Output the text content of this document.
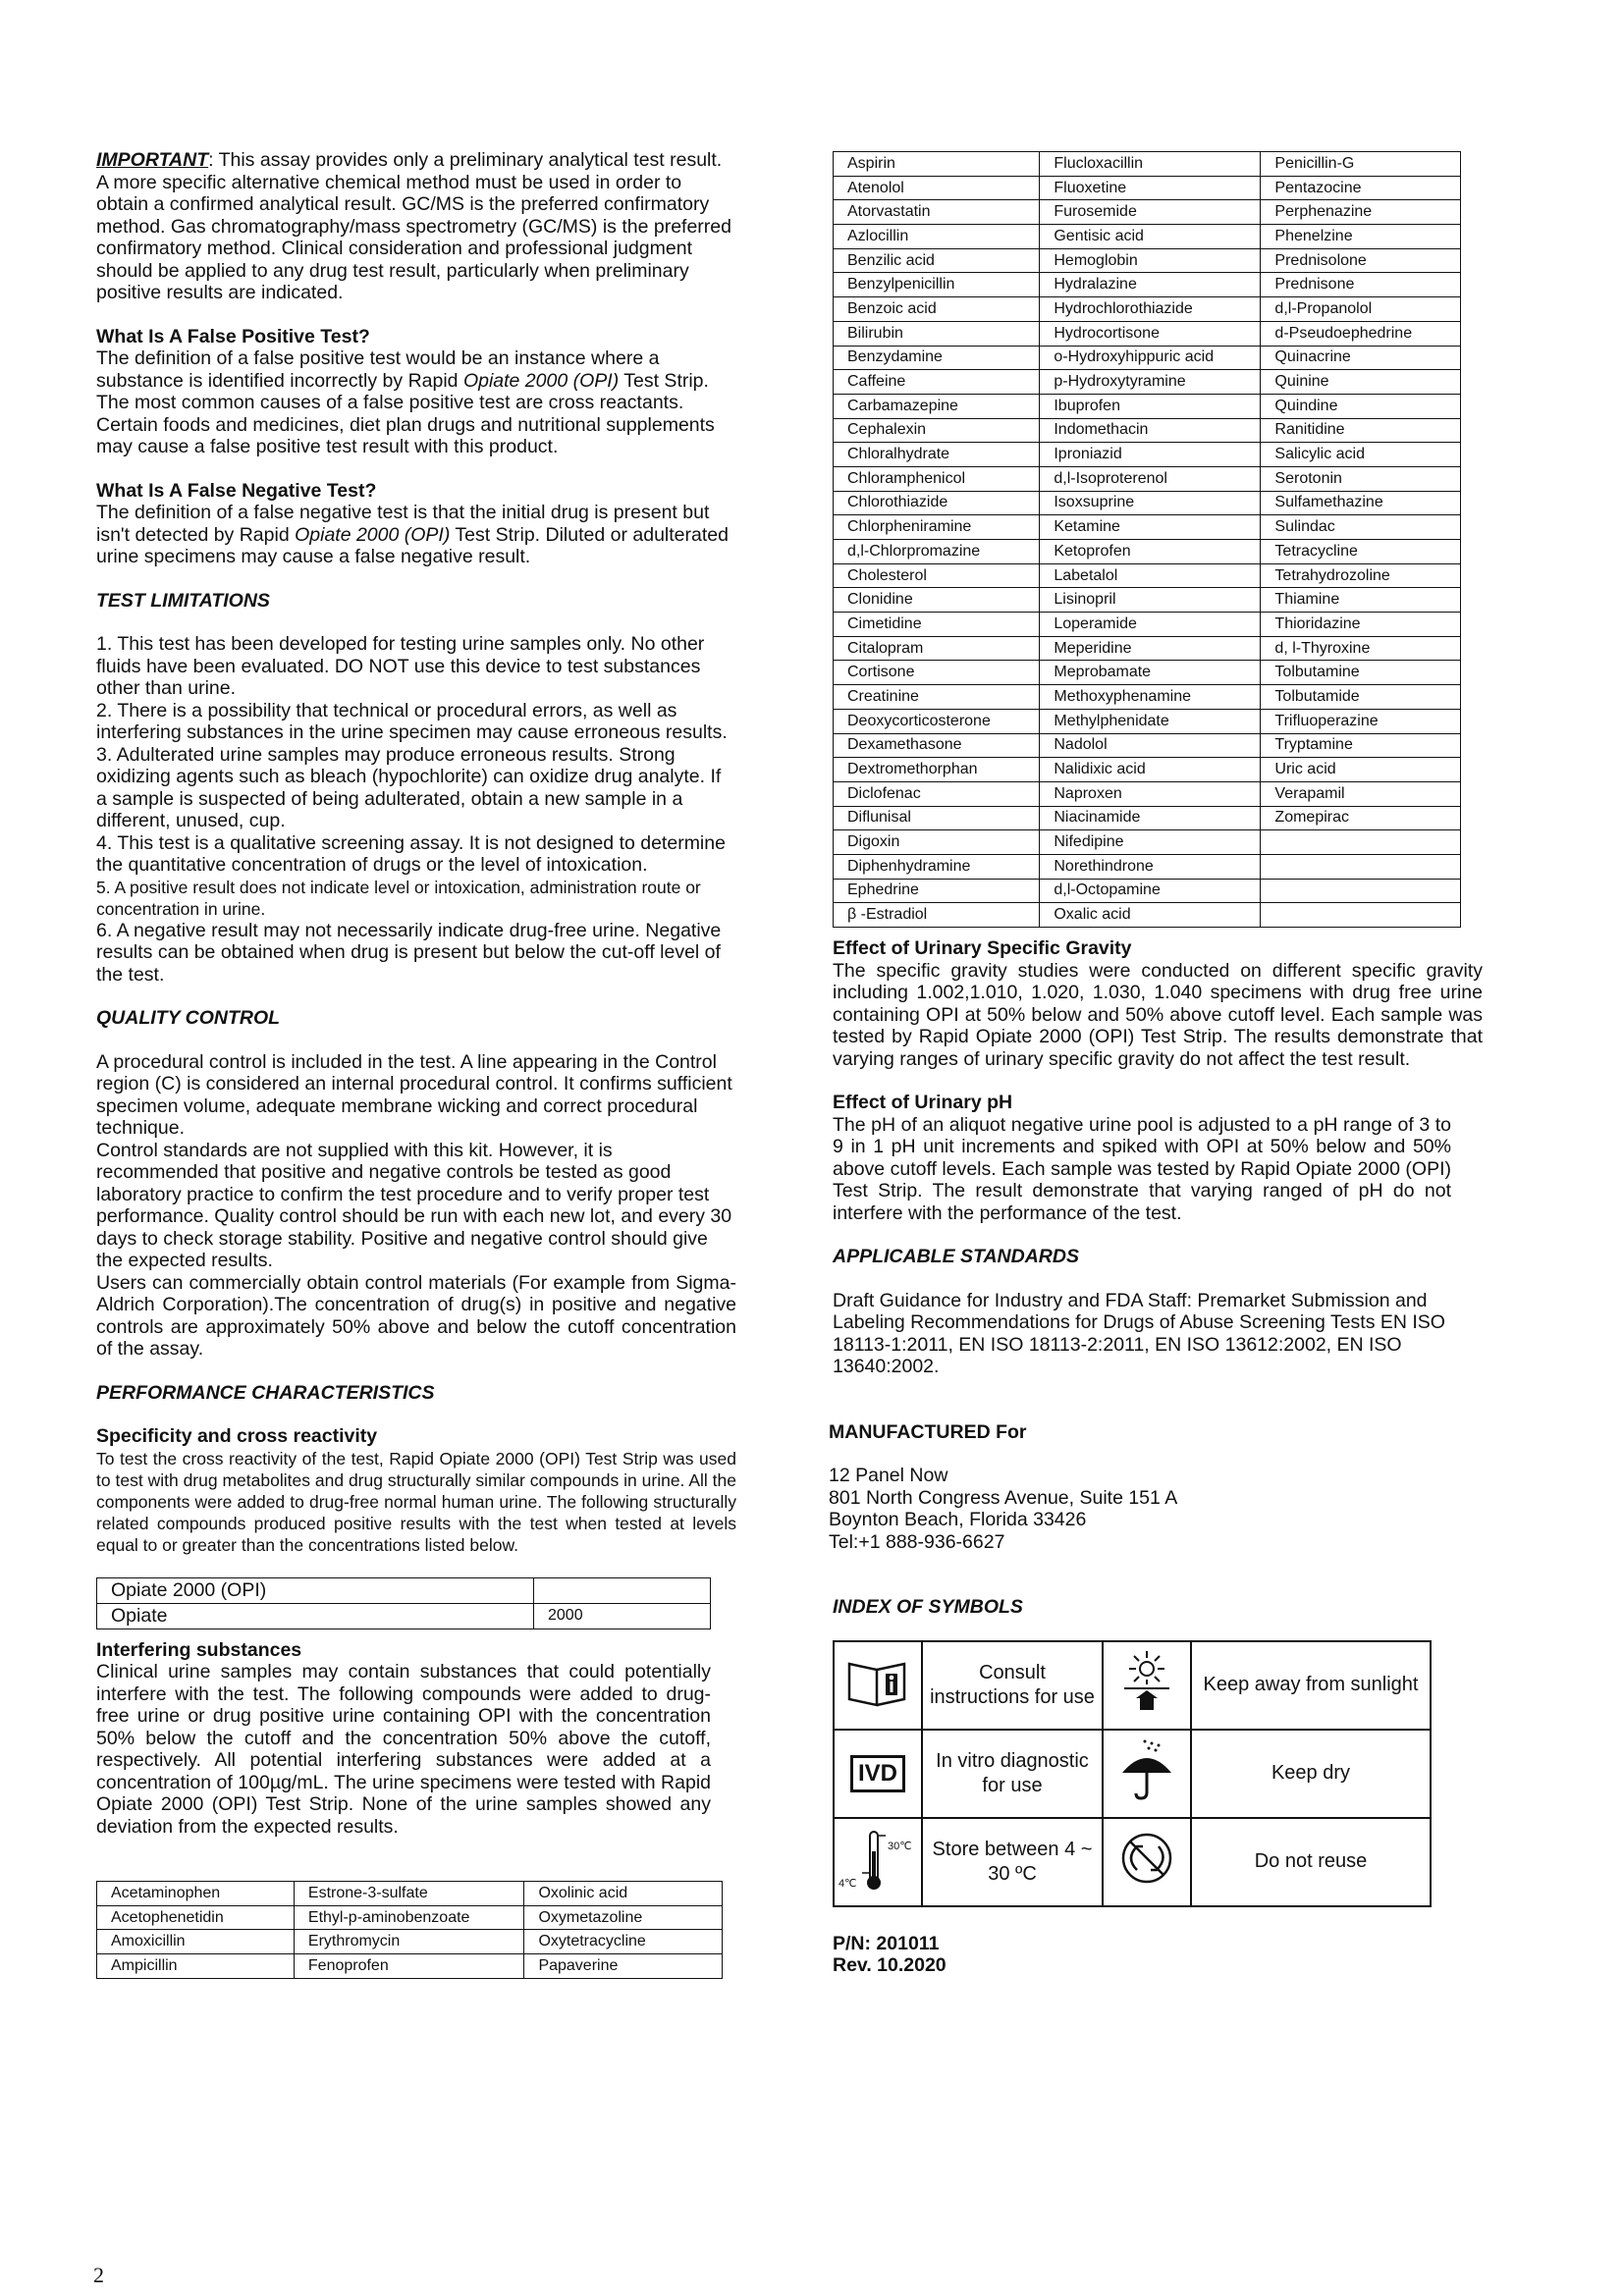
IMPORTANT: This assay provides only a preliminary analytical test result. A more specific alternative chemical method must be used in order to obtain a confirmed analytical result. GC/MS is the preferred confirmatory method. Gas chromatography/mass spectrometry (GC/MS) is the preferred confirmatory method. Clinical consideration and professional judgment should be applied to any drug test result, particularly when preliminary positive results are indicated.

What Is A False Positive Test?

The definition of a false positive test would be an instance where a substance is identified incorrectly by Rapid Opiate 2000 (OPI) Test Strip. The most common causes of a false positive test are cross reactants. Certain foods and medicines, diet plan drugs and nutritional supplements may cause a false positive test result with this product.

What Is A False Negative Test?

The definition of a false negative test is that the initial drug is present but isn't detected by Rapid Opiate 2000 (OPI) Test Strip. Diluted or adulterated urine specimens may cause a false negative result.

TEST LIMITATIONS

1. This test has been developed for testing urine samples only. No other fluids have been evaluated. DO NOT use this device to test substances other than urine.

2. There is a possibility that technical or procedural errors, as well as interfering substances in the urine specimen may cause erroneous results.

3. Adulterated urine samples may produce erroneous results. Strong oxidizing agents such as bleach (hypochlorite) can oxidize drug analyte. If a sample is suspected of being adulterated, obtain a new sample in a different, unused, cup.

4. This test is a qualitative screening assay. It is not designed to determine the quantitative concentration of drugs or the level of intoxication.

5. A positive result does not indicate level or intoxication, administration route or concentration in urine.

6. A negative result may not necessarily indicate drug-free urine. Negative results can be obtained when drug is present but below the cut-off level of the test.

QUALITY CONTROL

A procedural control is included in the test. A line appearing in the Control region (C) is considered an internal procedural control. It confirms sufficient specimen volume, adequate membrane wicking and correct procedural technique.

Control standards are not supplied with this kit. However, it is recommended that positive and negative controls be tested as good laboratory practice to confirm the test procedure and to verify proper test performance. Quality control should be run with each new lot, and every 30 days to check storage stability. Positive and negative control should give the expected results.

Users can commercially obtain control materials (For example from Sigma-Aldrich Corporation).The concentration of drug(s) in positive and negative controls are approximately 50% above and below the cutoff concentration of the assay.

PERFORMANCE CHARACTERISTICS

Specificity and cross reactivity

To test the cross reactivity of the test, Rapid Opiate 2000 (OPI) Test Strip was used to test with drug metabolites and drug structurally similar compounds in urine. All the components were added to drug-free normal human urine. The following structurally related compounds produced positive results with the test when tested at levels equal to or greater than the concentrations listed below.

Opiate 2000 (OPI)	
Opiate	2000

Interfering substances

Clinical urine samples may contain substances that could potentially interfere with the test. The following compounds were added to drug-free urine or drug positive urine containing OPI with the concentration 50% below the cutoff and the concentration 50% above the cutoff, respectively. All potential interfering substances were added at a concentration of 100µg/mL. The urine specimens were tested with Rapid Opiate 2000 (OPI) Test Strip. None of the urine samples showed any deviation from the expected results.

Acetaminophen	Estrone-3-sulfate	Oxolinic acid
Acetophenetidin	Ethyl-p-aminobenzoate	Oxymetazoline
Amoxicillin	Erythromycin	Oxytetracycline
Ampicillin	Fenoprofen	Papaverine
Aspirin	Flucloxacillin	Penicillin-G
Atenolol	Fluoxetine	Pentazocine
Atorvastatin	Furosemide	Perphenazine
Azlocillin	Gentisic acid	Phenelzine
Benzilic acid	Hemoglobin	Prednisolone
Benzylpenicillin	Hydralazine	Prednisone
Benzoic acid	Hydrochlorothiazide	d,l-Propanolol
Bilirubin	Hydrocortisone	d-Pseudoephedrine
Benzydamine	o-Hydroxyhippuric acid	Quinacrine
Caffeine	p-Hydroxytyramine	Quinine
Carbamazepine	Ibuprofen	Quindine
Cephalexin	Indomethacin	Ranitidine
Chloralhydrate	Iproniazid	Salicylic acid
Chloramphenicol	d,l-Isoproterenol	Serotonin
Chlorothiazide	Isoxsuprine	Sulfamethazine
Chlorpheniramine	Ketamine	Sulindac
d,l-Chlorpromazine	Ketoprofen	Tetracycline
Cholesterol	Labetalol	Tetrahydrozoline
Clonidine	Lisinopril	Thiamine
Cimetidine	Loperamide	Thioridazine
Citalopram	Meperidine	d, l-Thyroxine
Cortisone	Meprobamate	Tolbutamine
Creatinine	Methoxyphenamine	Tolbutamide
Deoxycorticosterone	Methylphenidate	Trifluoperazine
Dexamethasone	Nadolol	Tryptamine
Dextromethorphan	Nalidixic acid	Uric acid
Diclofenac	Naproxen	Verapamil
Diflunisal	Niacinamide	Zomepirac
Digoxin	Nifedipine	
Diphenhydramine	Norethindrone	
Ephedrine	d,l-Octopamine	
β -Estradiol	Oxalic acid	

Effect of Urinary Specific Gravity

The specific gravity studies were conducted on different specific gravity including 1.002,1.010, 1.020, 1.030, 1.040 specimens with drug free urine containing OPI at 50% below and 50% above cutoff level. Each sample was tested by Rapid Opiate 2000 (OPI) Test Strip. The results demonstrate that varying ranges of urinary specific gravity do not affect the test result.

Effect of Urinary pH

The pH of an aliquot negative urine pool is adjusted to a pH range of 3 to 9 in 1 pH unit increments and spiked with OPI at 50% below and 50% above cutoff levels. Each sample was tested by Rapid Opiate 2000 (OPI) Test Strip. The result demonstrate that varying ranged of pH do not interfere with the performance of the test.

APPLICABLE STANDARDS

Draft Guidance for Industry and FDA Staff: Premarket Submission and Labeling Recommendations for Drugs of Abuse Screening Tests EN ISO 18113-1:2011, EN ISO 18113-2:2011, EN ISO 13612:2002, EN ISO 13640:2002.

MANUFACTURED For

12 Panel Now

801 North Congress Avenue, Suite 151 A

Boynton Beach, Florida 33426

Tel:+1 888-936-6627

INDEX OF SYMBOLS

	Consult instructions for use		Keep away from sunlight
IVD	In vitro diagnostic for use		Keep dry

30℃
4℃	Store between 4 ~ 30 ºC		Do not reuse

P/N: 201011

Rev. 10.2020

2
